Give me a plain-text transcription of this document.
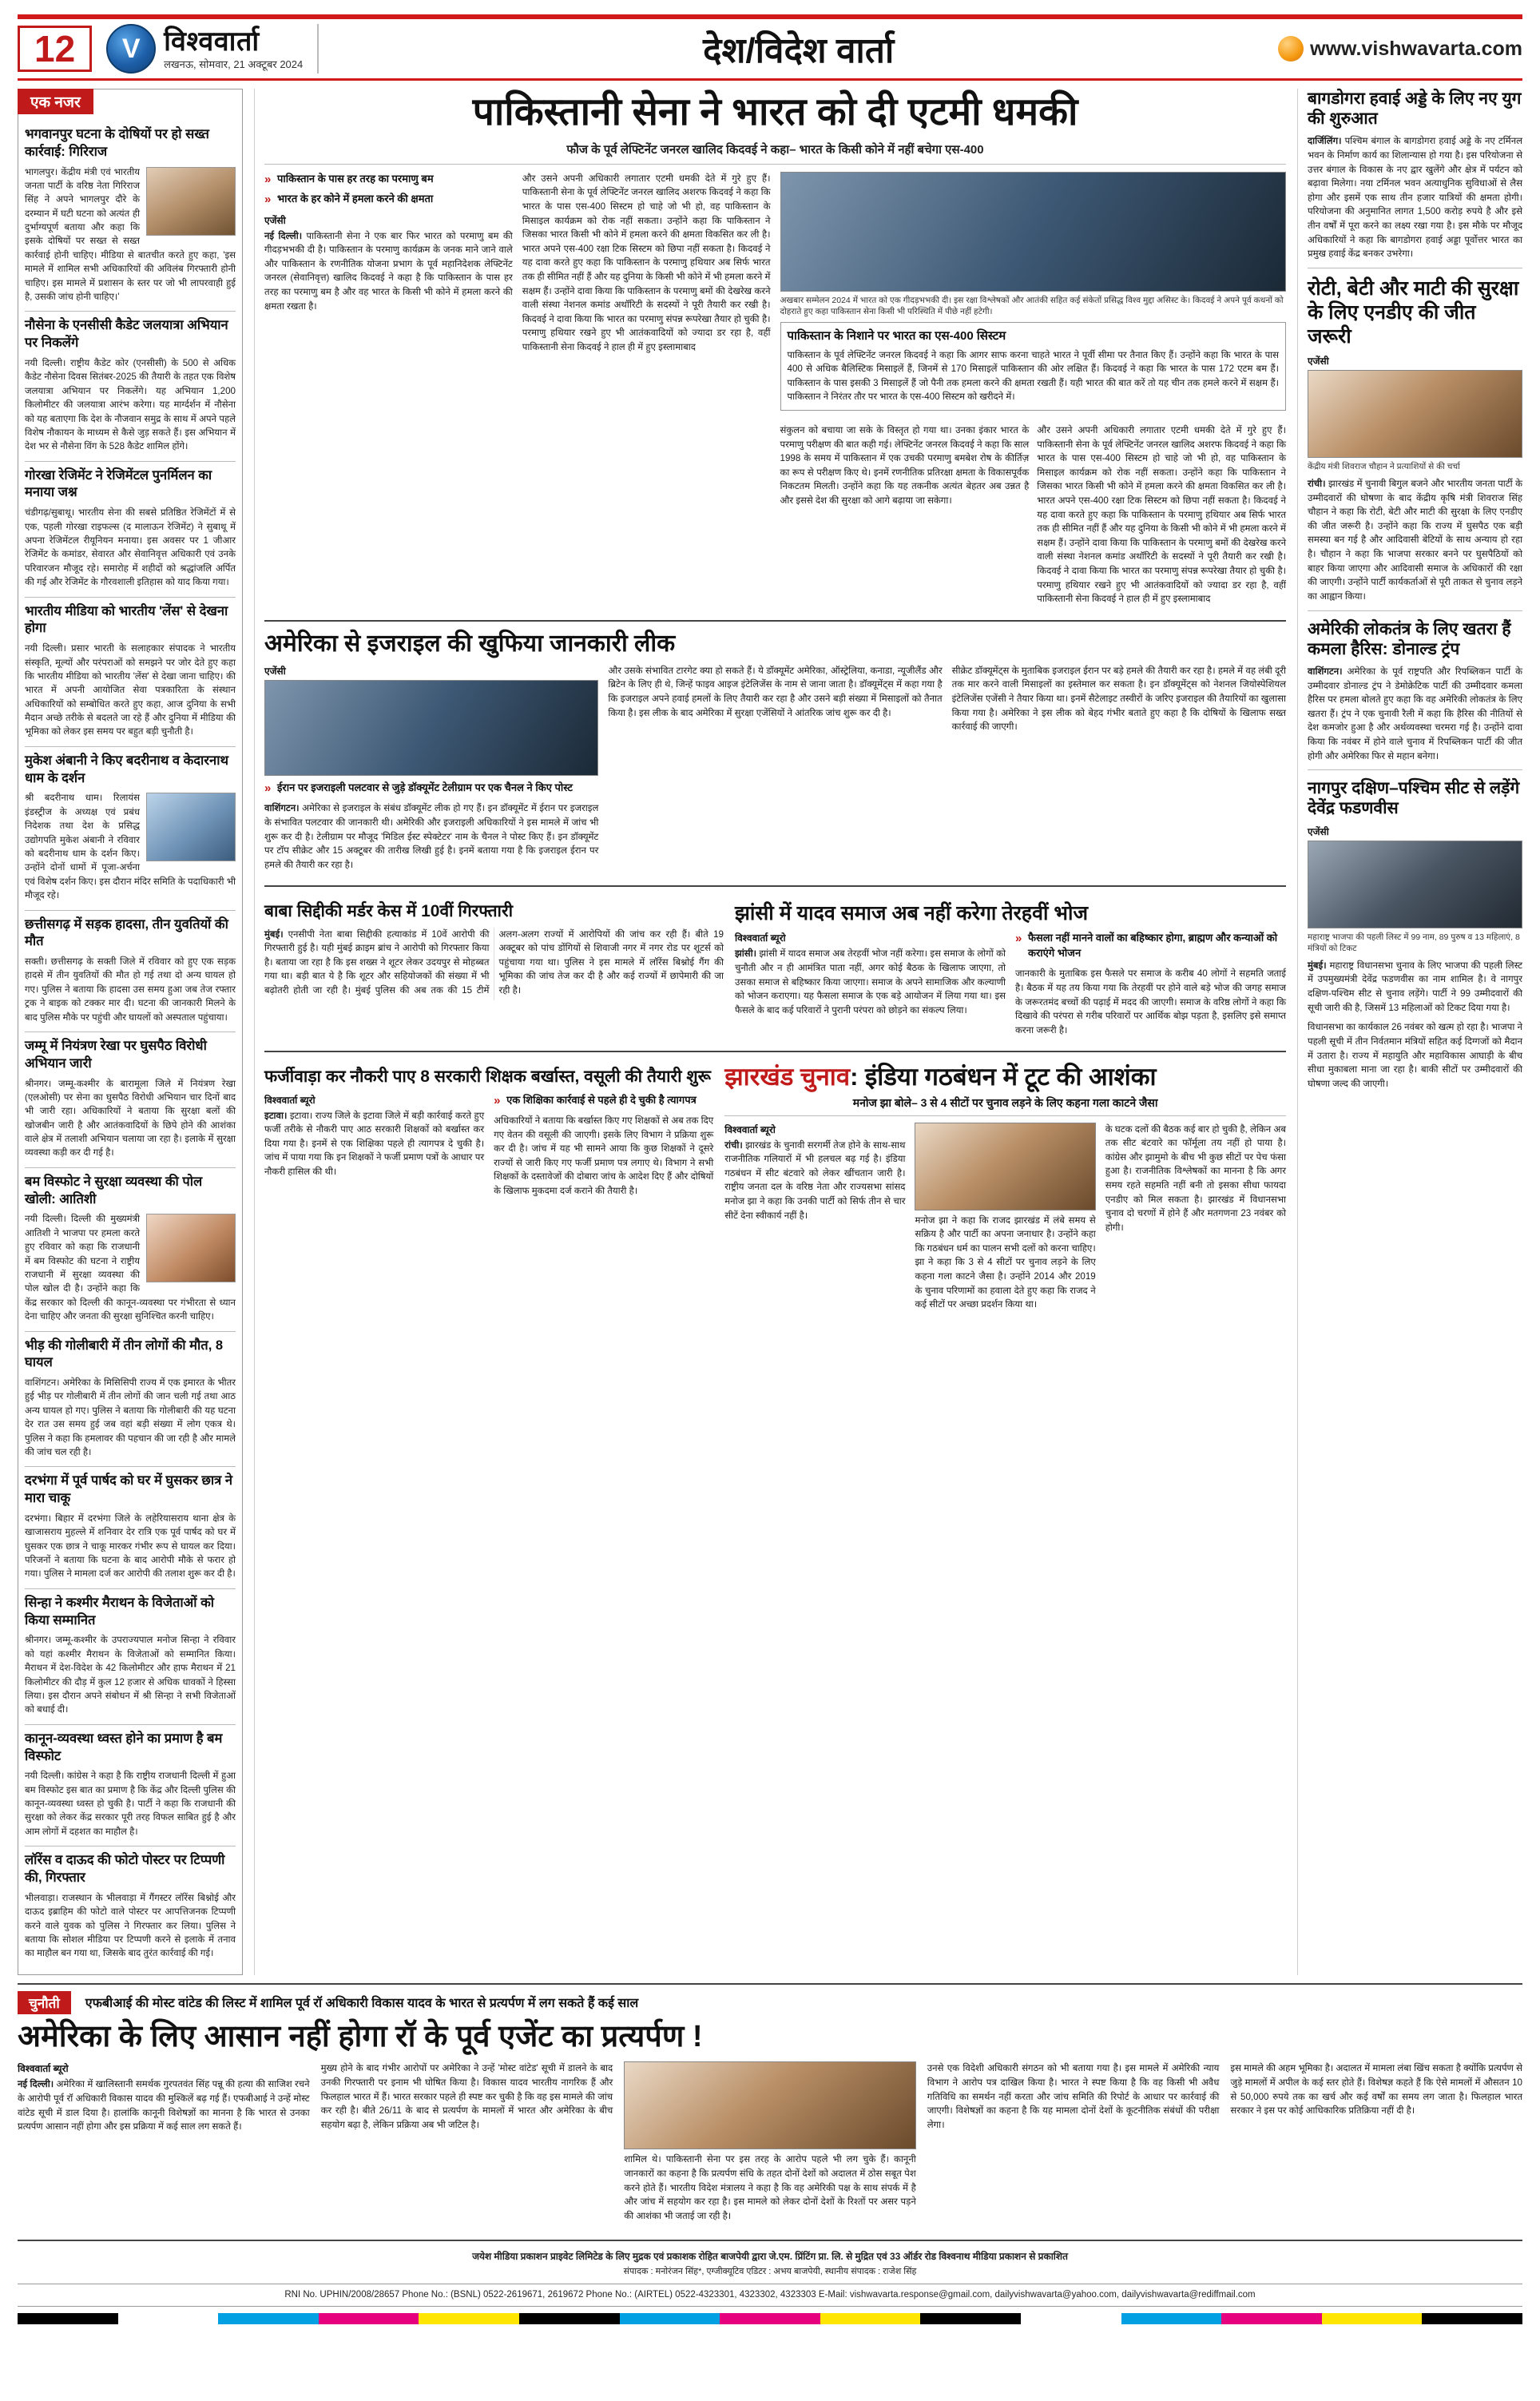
12	V विश्ववार्ता
लखनऊ, सोमवार, 21 अक्टूबर 2024	देश/विदेश वार्ता	www.vishwavarta.com
एक नजर
भगवानपुर घटना के दोषियों पर हो सख्त कार्रवाई: गिरिराज

भागलपुर। केंद्रीय मंत्री एवं भारतीय जनता पार्टी के वरिष्ठ नेता गिरिराज सिंह ने अपने भागलपुर दौरे के दरम्यान में घटी घटना को अत्यंत ही दुर्भाग्यपूर्ण बताया और कहा कि इसके दोषियों पर सख्त से सख्त कार्रवाई होनी चाहिए। मीडिया से बातचीत करते हुए कहा, 'इस मामले में शामिल सभी अधिकारियों की अविलंब गिरफ्तारी होनी चाहिए। इस मामले में प्रशासन के स्तर पर जो भी लापरवाही हुई है, उसकी जांच होनी चाहिए।'

नौसेना के एनसीसी कैडेट जलयात्रा अभियान पर निकलेंगे

नयी दिल्ली। राष्ट्रीय कैडेट कोर (एनसीसी) के 500 से अधिक कैडेट नौसेना दिवस सितंबर-2025 की तैयारी के तहत एक विशेष जलयात्रा अभियान पर निकलेंगे। यह अभियान 1,200 किलोमीटर की जलयात्रा आरंभ करेगा। यह मार्ग्दर्शन में नौसेना को यह बताएगा कि देश के नौजवान समुद्र के साथ में अपने पहले विशेष नौकायन के माध्यम से कैसे जुड़ सकते हैं। इस अभियान में देश भर से नौसेना विंग के 528 कैडेट शामिल होंगे।

गोरखा रेजिमेंट ने रेजिमेंटल पुनर्मिलन का मनाया जश्न

चंडीगढ़/सुबाथू। भारतीय सेना की सबसे प्रतिष्ठित रेजिमेंटों में से एक, पहली गोरखा राइफल्स (द मालाऊन रेजिमेंट) ने सुबाथू में अपना रेजिमेंटल रीयूनियन मनाया। इस अवसर पर 1 जीआर रेजिमेंट के कमांडर, सेवारत और सेवानिवृत्त अधिकारी एवं उनके परिवारजन मौजूद रहे। समारोह में शहीदों को श्रद्धांजलि अर्पित की गई और रेजिमेंट के गौरवशाली इतिहास को याद किया गया।

भारतीय मीडिया को भारतीय 'लेंस' से देखना होगा

नयी दिल्ली। प्रसार भारती के सलाहकार संपादक ने भारतीय संस्कृति, मूल्यों और परंपराओं को समझने पर जोर देते हुए कहा कि भारतीय मीडिया को भारतीय 'लेंस' से देखा जाना चाहिए। की भारत में अपनी आयोजित सेवा पत्रकारिता के संस्थान अधिकारियों को सम्बोधित करते हुए कहा, आज दुनिया के सभी मैदान अच्छे तरीके से बदलते जा रहे हैं और दुनिया में मीडिया की भूमिका को लेकर इस समय पर बहुत बड़ी चुनौती है।

मुकेश अंबानी ने किए बदरीनाथ व केदारनाथ धाम के दर्शन

श्री बदरीनाथ धाम। रिलायंस इंडस्ट्रीज के अध्यक्ष एवं प्रबंध निदेशक तथा देश के प्रसिद्ध उद्योगपति मुकेश अंबानी ने रविवार को बदरीनाथ धाम के दर्शन किए। उन्होंने दोनों धामों में पूजा-अर्चना एवं विशेष दर्शन किए। इस दौरान मंदिर समिति के पदाधिकारी भी मौजूद रहे।

छत्तीसगढ़ में सड़क हादसा, तीन युवतियों की मौत

सक्ती। छत्तीसगढ़ के सक्ती जिले में रविवार को हुए एक सड़क हादसे में तीन युवतियों की मौत हो गई तथा दो अन्य घायल हो गए। पुलिस ने बताया कि हादसा उस समय हुआ जब तेज रफ्तार ट्रक ने बाइक को टक्कर मार दी। घटना की जानकारी मिलने के बाद पुलिस मौके पर पहुंची और घायलों को अस्पताल पहुंचाया।

जम्मू में नियंत्रण रेखा पर घुसपैठ विरोधी अभियान जारी

श्रीनगर। जम्मू-कश्मीर के बारामूला जिले में नियंत्रण रेखा (एलओसी) पर सेना का घुसपैठ विरोधी अभियान चार दिनों बाद भी जारी रहा। अधिकारियों ने बताया कि सुरक्षा बलों की खोजबीन जारी है और आतंकवादियों के छिपे होने की आशंका वाले क्षेत्र में तलाशी अभियान चलाया जा रहा है। इलाके में सुरक्षा व्यवस्था कड़ी कर दी गई है।

बम विस्फोट ने सुरक्षा व्यवस्था की पोल खोली: आतिशी

नयी दिल्ली। दिल्ली की मुख्यमंत्री आतिशी ने भाजपा पर हमला करते हुए रविवार को कहा कि राजधानी में बम विस्फोट की घटना ने राष्ट्रीय राजधानी में सुरक्षा व्यवस्था की पोल खोल दी है। उन्होंने कहा कि केंद्र सरकार को दिल्ली की कानून-व्यवस्था पर गंभीरता से ध्यान देना चाहिए और जनता की सुरक्षा सुनिश्चित करनी चाहिए।

भीड़ की गोलीबारी में तीन लोगों की मौत, 8 घायल

वाशिंगटन। अमेरिका के मिसिसिपी राज्य में एक इमारत के भीतर हुई भीड़ पर गोलीबारी में तीन लोगों की जान चली गई तथा आठ अन्य घायल हो गए। पुलिस ने बताया कि गोलीबारी की यह घटना देर रात उस समय हुई जब वहां बड़ी संख्या में लोग एकत्र थे। पुलिस ने कहा कि हमलावर की पहचान की जा रही है और मामले की जांच चल रही है।

दरभंगा में पूर्व पार्षद को घर में घुसकर छात्र ने मारा चाकू

दरभंगा। बिहार में दरभंगा जिले के लहेरियासराय थाना क्षेत्र के खाजासराय मुहल्ले में शनिवार देर रात्रि एक पूर्व पार्षद को घर में घुसकर एक छात्र ने चाकू मारकर गंभीर रूप से घायल कर दिया। परिजनों ने बताया कि घटना के बाद आरोपी मौके से फरार हो गया। पुलिस ने मामला दर्ज कर आरोपी की तलाश शुरू कर दी है।

सिन्हा ने कश्मीर मैराथन के विजेताओं को किया सम्मानित

श्रीनगर। जम्मू-कश्मीर के उपराज्यपाल मनोज सिन्हा ने रविवार को यहां कश्मीर मैराथन के विजेताओं को सम्मानित किया। मैराथन में देश-विदेश के 42 किलोमीटर और हाफ मैराथन में 21 किलोमीटर की दौड़ में कुल 12 हजार से अधिक धावकों ने हिस्सा लिया। इस दौरान अपने संबोधन में श्री सिन्हा ने सभी विजेताओं को बधाई दी।

कानून-व्यवस्था ध्वस्त होने का प्रमाण है बम विस्फोट

नयी दिल्ली। कांग्रेस ने कहा है कि राष्ट्रीय राजधानी दिल्ली में हुआ बम विस्फोट इस बात का प्रमाण है कि केंद्र और दिल्ली पुलिस की कानून-व्यवस्था ध्वस्त हो चुकी है। पार्टी ने कहा कि राजधानी की सुरक्षा को लेकर केंद्र सरकार पूरी तरह विफल साबित हुई है और आम लोगों में दहशत का माहौल है।

लॉरेंस व दाऊद की फोटो पोस्टर पर टिप्पणी की, गिरफ्तार

भीलवाड़ा। राजस्थान के भीलवाड़ा में गैंगस्टर लॉरेंस बिश्नोई और दाऊद इब्राहिम की फोटो वाले पोस्टर पर आपत्तिजनक टिप्पणी करने वाले युवक को पुलिस ने गिरफ्तार कर लिया। पुलिस ने बताया कि सोशल मीडिया पर टिप्पणी करने से इलाके में तनाव का माहौल बन गया था, जिसके बाद तुरंत कार्रवाई की गई।

पाकिस्तानी सेना ने भारत को दी एटमी धमकी
फौज के पूर्व लेफ्टिनेंट जनरल खालिद किदवई ने कहा– भारत के किसी कोने में नहीं बचेगा एस-400
» पाकिस्तान के पास हर तरह का परमाणु बम
» भारत के हर कोने में हमला करने की क्षमता
एजेंसी

नई दिल्ली। पाकिस्तानी सेना ने एक बार फिर भारत को परमाणु बम की गीदड़भभकी दी है। पाकिस्तान के परमाणु कार्यक्रम के जनक माने जाने वाले और पाकिस्तान के रणनीतिक योजना प्रभाग के पूर्व महानिदेशक लेफ्टिनेंट जनरल (सेवानिवृत्त) खालिद किदवई ने कहा है कि पाकिस्तान के पास हर तरह का परमाणु बम है और वह भारत के किसी भी कोने में हमला करने की क्षमता रखता है।

और उसने अपनी अधिकारी लगातार एटमी धमकी देते में गुरे हुए हैं। पाकिस्तानी सेना के पूर्व लेफ्टिनेंट जनरल खालिद अशरफ किदवई ने कहा कि भारत के पास एस-400 सिस्टम हो चाहे जो भी हो, वह पाकिस्तान के मिसाइल कार्यक्रम को रोक नहीं सकता। उन्होंने कहा कि पाकिस्तान ने जिसका भारत किसी भी कोने में हमला करने की क्षमता विकसित कर ली है। भारत अपने एस-400 रक्षा टिक सिस्टम को छिपा नहीं सकता है। किदवई ने यह दावा करते हुए कहा कि पाकिस्तान के परमाणु हथियार अब सिर्फ भारत तक ही सीमित नहीं हैं और यह दुनिया के किसी भी कोने में भी हमला करने में सक्षम हैं। उन्होंने दावा किया कि पाकिस्तान के परमाणु बमों की देखरेख करने वाली संस्था नेशनल कमांड अथॉरिटी के सदस्यों ने पूरी तैयारी कर रखी है। किदवई ने दावा किया कि भारत का परमाणु संपन्न रूपरेखा तैयार हो चुकी है। परमाणु हथियार रखने हुए भी आतंकवादियों को ज्यादा डर रहा है, वहीं पाकिस्तानी सेना किदवई ने हाल ही में हुए इस्लामाबाद

अखबार सम्मेलन 2024 में भारत को एक गीदड़भभकी दी। इस रक्षा विश्लेषकों और आतंकी सहित कई संकेतों प्रसिद्ध विश्व मुद्दा असिस्ट के। किदवई ने अपने पूर्व कथनों को दोहराते हुए कहा पाकिस्तान सेना किसी भी परिस्थिति में पीछे नहीं हटेगी।

पाकिस्तान के निशाने पर भारत का एस-400 सिस्टम

पाकिस्तान के पूर्व लेफ्टिनेंट जनरल किदवई ने कहा कि आगर साफ करना चाहते भारत ने पूर्वी सीमा पर तैनात किए हैं। उन्होंने कहा कि भारत के पास 400 से अधिक बैलिस्टिक मिसाइलें हैं, जिनमें से 170 मिसाइलें पाकिस्तान की ओर लक्षित हैं। किदवई ने कहा कि भारत के पास 172 एटम बम हैं। पाकिस्तान के पास इसकी 3 मिसाइलें हैं जो पैनी तक हमला करने की क्षमता रखती हैं। यही भारत की बात करें तो यह चीन तक हमले करने में सक्षम हैं। पाकिस्तान ने निरंतर तौर पर भारत के एस-400 सिस्टम को खरीदने में।

संकुलन को बचाया जा सके के विस्तृत हो गया था। उनका इंकार भारत के परमाणु परीक्षण की बात कही गई। लेफ्टिनेंट जनरल किदवई ने कहा कि साल 1998 के समय में पाकिस्तान में एक उचकी परमाणु बमबेश रोष के कीर्तिज़ का रूप से परीक्षण किए थे। इनमें रणनीतिक प्रतिरक्षा क्षमता के विकासपूर्वक निकटतम मिलती। उन्होंने कहा कि यह तकनीक अत्यंत बेहतर अब उन्नत है और इससे देश की सुरक्षा को आगे बढ़ाया जा सकेगा।

और उसने अपनी अधिकारी लगातार एटमी धमकी देते में गुरे हुए हैं। पाकिस्तानी सेना के पूर्व लेफ्टिनेंट जनरल खालिद अशरफ किदवई ने कहा कि भारत के पास एस-400 सिस्टम हो चाहे जो भी हो, वह पाकिस्तान के मिसाइल कार्यक्रम को रोक नहीं सकता। उन्होंने कहा कि पाकिस्तान ने जिसका भारत किसी भी कोने में हमला करने की क्षमता विकसित कर ली है। भारत अपने एस-400 रक्षा टिक सिस्टम को छिपा नहीं सकता है। किदवई ने यह दावा करते हुए कहा कि पाकिस्तान के परमाणु हथियार अब सिर्फ भारत तक ही सीमित नहीं हैं और यह दुनिया के किसी भी कोने में भी हमला करने में सक्षम हैं। उन्होंने दावा किया कि पाकिस्तान के परमाणु बमों की देखरेख करने वाली संस्था नेशनल कमांड अथॉरिटी के सदस्यों ने पूरी तैयारी कर रखी है। किदवई ने दावा किया कि भारत का परमाणु संपन्न रूपरेखा तैयार हो चुकी है। परमाणु हथियार रखने हुए भी आतंकवादियों को ज्यादा डर रहा है, वहीं पाकिस्तानी सेना किदवई ने हाल ही में हुए इस्लामाबाद

अमेरिका से इजराइल की खुफिया जानकारी लीक
एजेंसी
» ईरान पर इजराइली पलटवार से जुड़े डॉक्यूमेंट टेलीग्राम पर एक चैनल ने किए पोस्ट

वाशिंगटन। अमेरिका से इजराइल के संबंध डॉक्यूमेंट लीक हो गए हैं। इन डॉक्यूमेंट में ईरान पर इजराइल के संभावित पलटवार की जानकारी थी। अमेरिकी और इजराइली अधिकारियों ने इस मामले में जांच भी शुरू कर दी है। टेलीग्राम पर मौजूद 'मिडिल ईस्ट स्पेक्टेटर' नाम के चैनल ने पोस्ट किए हैं। इन डॉक्यूमेंट पर टॉप सीक्रेट और 15 अक्टूबर की तारीख लिखी हुई है। इनमें बताया गया है कि इजराइल ईरान पर हमले की तैयारी कर रहा है।

और उसके संभावित टारगेट क्या हो सकते हैं। ये डॉक्यूमेंट अमेरिका, ऑस्ट्रेलिया, कनाडा, न्यूजीलैंड और ब्रिटेन के लिए ही थे, जिन्हें फाइव आइज इंटेलिजेंस के नाम से जाना जाता है। डॉक्यूमेंट्स में कहा गया है कि इजराइल अपने हवाई हमलों के लिए तैयारी कर रहा है और उसने बड़ी संख्या में मिसाइलों को तैनात किया है। इस लीक के बाद अमेरिका में सुरक्षा एजेंसियों ने आंतरिक जांच शुरू कर दी है।

सीक्रेट डॉक्यूमेंट्स के मुताबिक इजराइल ईरान पर बड़े हमले की तैयारी कर रहा है। हमले में वह लंबी दूरी तक मार करने वाली मिसाइलों का इस्तेमाल कर सकता है। इन डॉक्यूमेंट्स को नेशनल जियोस्पेशियल इंटेलिजेंस एजेंसी ने तैयार किया था। इनमें सैटेलाइट तस्वीरों के जरिए इजराइल की तैयारियों का खुलासा किया गया है। अमेरिका ने इस लीक को बेहद गंभीर बताते हुए कहा है कि दोषियों के खिलाफ सख्त कार्रवाई की जाएगी।

बाबा सिद्दीकी मर्डर केस में 10वीं गिरफ्तारी

मुंबई। एनसीपी नेता बाबा सिद्दीकी हत्याकांड में 10वें आरोपी की गिरफ्तारी हुई है। यही मुंबई क्राइम ब्रांच ने आरोपी को गिरफ्तार किया है। बताया जा रहा है कि इस शख्स ने शूटर लेकर उदयपुर से मोहब्बत गया था। बड़ी बात ये है कि शूटर और सहियोजकों की संख्या में भी बढ़ोतरी होती जा रही है। मुंबई पुलिस की अब तक की 15 टीमें अलग-अलग राज्यों में आरोपियों की जांच कर रही हैं। बीते 19 अक्टूबर को पांच डोंगियों से शिवाजी नगर में नगर रोड पर शूटर्स को पहुंचाया गया था। पुलिस ने इस मामले में लॉरेंस बिश्नोई गैंग की भूमिका की जांच तेज कर दी है और कई राज्यों में छापेमारी की जा रही है।

झांसी में यादव समाज अब नहीं करेगा तेरहवीं भोज
विश्ववार्ता ब्यूरो

झांसी। झांसी में यादव समाज अब तेरहवीं भोज नहीं करेगा। इस समाज के लोगों को चुनौती और न ही आमंत्रित पाता नहीं, अगर कोई बैठक के खिलाफ जाएगा, तो उसका समाज से बहिष्कार किया जाएगा। समाज के अपने सामाजिक और कल्याणी को भोजन कराएगा। यह फैसला समाज के एक बड़े आयोजन में लिया गया था। इस फैसले के बाद कई परिवारों ने पुरानी परंपरा को छोड़ने का संकल्प लिया।

» फैसला नहीं मानने वालों का बहिष्कार होगा, ब्राह्मण और कन्याओं को कराएंगे भोजन

जानकारी के मुताबिक इस फैसले पर समाज के करीब 40 लोगों ने सहमति जताई है। बैठक में यह तय किया गया कि तेरहवीं पर होने वाले बड़े भोज की जगह समाज के जरूरतमंद बच्चों की पढ़ाई में मदद की जाएगी। समाज के वरिष्ठ लोगों ने कहा कि दिखावे की परंपरा से गरीब परिवारों पर आर्थिक बोझ पड़ता है, इसलिए इसे समाप्त करना जरूरी है।

फर्जीवाड़ा कर नौकरी पाए 8 सरकारी शिक्षक बर्खास्त, वसूली की तैयारी शुरू
विश्ववार्ता ब्यूरो

इटावा। इटावा। राज्य जिले के इटावा जिले में बड़ी कार्रवाई करते हुए फर्जी तरीके से नौकरी पाए आठ सरकारी शिक्षकों को बर्खास्त कर दिया गया है। इनमें से एक शिक्षिका पहले ही त्यागपत्र दे चुकी है। जांच में पाया गया कि इन शिक्षकों ने फर्जी प्रमाण पत्रों के आधार पर नौकरी हासिल की थी।

» एक शिक्षिका कार्रवाई से पहले ही दे चुकी है त्यागपत्र

अधिकारियों ने बताया कि बर्खास्त किए गए शिक्षकों से अब तक दिए गए वेतन की वसूली की जाएगी। इसके लिए विभाग ने प्रक्रिया शुरू कर दी है। जांच में यह भी सामने आया कि कुछ शिक्षकों ने दूसरे राज्यों से जारी किए गए फर्जी प्रमाण पत्र लगाए थे। विभाग ने सभी शिक्षकों के दस्तावेजों की दोबारा जांच के आदेश दिए हैं और दोषियों के खिलाफ मुकदमा दर्ज कराने की तैयारी है।

झारखंड चुनाव: इंडिया गठबंधन में टूट की आशंका
मनोज झा बोले– 3 से 4 सीटों पर चुनाव लड़ने के लिए कहना गला काटने जैसा
विश्ववार्ता ब्यूरो

रांची। झारखंड के चुनावी सरगर्मी तेज होने के साथ-साथ राजनीतिक गलियारों में भी हलचल बढ़ गई है। इंडिया गठबंधन में सीट बंटवारे को लेकर खींचतान जारी है। राष्ट्रीय जनता दल के वरिष्ठ नेता और राज्यसभा सांसद मनोज झा ने कहा कि उनकी पार्टी को सिर्फ तीन से चार सीटें देना स्वीकार्य नहीं है।	मनोज झा ने कहा कि राजद झारखंड में लंबे समय से सक्रिय है और पार्टी का अपना जनाधार है। उन्होंने कहा कि गठबंधन धर्म का पालन सभी दलों को करना चाहिए। झा ने कहा कि 3 से 4 सीटों पर चुनाव लड़ने के लिए कहना गला काटने जैसा है। उन्होंने 2014 और 2019 के चुनाव परिणामों का हवाला देते हुए कहा कि राजद ने कई सीटों पर अच्छा प्रदर्शन किया था।

के घटक दलों की बैठक कई बार हो चुकी है, लेकिन अब तक सीट बंटवारे का फॉर्मूला तय नहीं हो पाया है। कांग्रेस और झामुमो के बीच भी कुछ सीटों पर पेच फंसा हुआ है। राजनीतिक विश्लेषकों का मानना है कि अगर समय रहते सहमति नहीं बनी तो इसका सीधा फायदा एनडीए को मिल सकता है। झारखंड में विधानसभा चुनाव दो चरणों में होने हैं और मतगणना 23 नवंबर को होगी।

बागडोगरा हवाई अड्डे के लिए नए युग की शुरुआत

दार्जिलिंग। पश्चिम बंगाल के बागडोगरा हवाई अड्डे के नए टर्मिनल भवन के निर्माण कार्य का शिलान्यास हो गया है। इस परियोजना से उत्तर बंगाल के विकास के नए द्वार खुलेंगे और क्षेत्र में पर्यटन को बढ़ावा मिलेगा। नया टर्मिनल भवन अत्याधुनिक सुविधाओं से लैस होगा और इसमें एक साथ तीन हजार यात्रियों की क्षमता होगी। परियोजना की अनुमानित लागत 1,500 करोड़ रुपये है और इसे तीन वर्षों में पूरा करने का लक्ष्य रखा गया है। इस मौके पर मौजूद अधिकारियों ने कहा कि बागडोगरा हवाई अड्डा पूर्वोत्तर भारत का प्रमुख हवाई केंद्र बनकर उभरेगा।

रोटी, बेटी और माटी की सुरक्षा के लिए एनडीए की जीत जरूरी
एजेंसी

केंद्रीय मंत्री शिवराज चौहान ने प्रत्याशियों से की चर्चा

रांची। झारखंड में चुनावी बिगुल बजने और भारतीय जनता पार्टी के उम्मीदवारों की घोषणा के बाद केंद्रीय कृषि मंत्री शिवराज सिंह चौहान ने कहा कि रोटी, बेटी और माटी की सुरक्षा के लिए एनडीए की जीत जरूरी है। उन्होंने कहा कि राज्य में घुसपैठ एक बड़ी समस्या बन गई है और आदिवासी बेटियों के साथ अन्याय हो रहा है। चौहान ने कहा कि भाजपा सरकार बनने पर घुसपैठियों को बाहर किया जाएगा और आदिवासी समाज के अधिकारों की रक्षा की जाएगी। उन्होंने पार्टी कार्यकर्ताओं से पूरी ताकत से चुनाव लड़ने का आह्वान किया।

अमेरिकी लोकतंत्र के लिए खतरा हैं कमला हैरिस: डोनाल्ड ट्रंप

वाशिंगटन। अमेरिका के पूर्व राष्ट्रपति और रिपब्लिकन पार्टी के उम्मीदवार डोनाल्ड ट्रंप ने डेमोक्रेटिक पार्टी की उम्मीदवार कमला हैरिस पर हमला बोलते हुए कहा कि वह अमेरिकी लोकतंत्र के लिए खतरा हैं। ट्रंप ने एक चुनावी रैली में कहा कि हैरिस की नीतियों से देश कमजोर हुआ है और अर्थव्यवस्था चरमरा गई है। उन्होंने दावा किया कि नवंबर में होने वाले चुनाव में रिपब्लिकन पार्टी की जीत होगी और अमेरिका फिर से महान बनेगा।

नागपुर दक्षिण–पश्चिम सीट से लड़ेंगे देवेंद्र फडणवीस
एजेंसी

महाराष्ट्र भाजपा की पहली लिस्ट में 99 नाम, 89 पुरुष व 13 महिलाएं, 8 मंत्रियों को टिकट

मुंबई। महाराष्ट्र विधानसभा चुनाव के लिए भाजपा की पहली लिस्ट में उपमुख्यमंत्री देवेंद्र फडणवीस का नाम शामिल है। वे नागपुर दक्षिण-पश्चिम सीट से चुनाव लड़ेंगे। पार्टी ने 99 उम्मीदवारों की सूची जारी की है, जिसमें 13 महिलाओं को टिकट दिया गया है।

विधानसभा का कार्यकाल 26 नवंबर को खत्म हो रहा है। भाजपा ने पहली सूची में तीन निर्वतमान मंत्रियों सहित कई दिग्गजों को मैदान में उतारा है। राज्य में महायुति और महाविकास आघाड़ी के बीच सीधा मुकाबला माना जा रहा है। बाकी सीटों पर उम्मीदवारों की घोषणा जल्द की जाएगी।

चुनौती	एफबीआई की मोस्ट वांटेड की लिस्ट में शामिल पूर्व रॉ अधिकारी विकास यादव के भारत से प्रत्यर्पण में लग सकते हैं कई साल
अमेरिका के लिए आसान नहीं होगा रॉ के पूर्व एजेंट का प्रत्यर्पण !
विश्ववार्ता ब्यूरो

नई दिल्ली। अमेरिका में खालिस्तानी समर्थक गुरपतवंत सिंह पन्नू की हत्या की साजिश रचने के आरोपी पूर्व रॉ अधिकारी विकास यादव की मुश्किलें बढ़ गई हैं। एफबीआई ने उन्हें मोस्ट वांटेड सूची में डाल दिया है। हालांकि कानूनी विशेषज्ञों का मानना है कि भारत से उनका प्रत्यर्पण आसान नहीं होगा और इस प्रक्रिया में कई साल लग सकते हैं।

मुख्य होने के बाद गंभीर आरोपों पर अमेरिका ने उन्हें 'मोस्ट वांटेड' सूची में डालने के बाद उनकी गिरफ्तारी पर इनाम भी घोषित किया है। विकास यादव भारतीय नागरिक हैं और फिलहाल भारत में हैं। भारत सरकार पहले ही स्पष्ट कर चुकी है कि वह इस मामले की जांच कर रही है। बीते 26/11 के बाद से प्रत्यर्पण के मामलों में भारत और अमेरिका के बीच सहयोग बढ़ा है, लेकिन प्रक्रिया अब भी जटिल है।

शामिल थे। पाकिस्तानी सेना पर इस तरह के आरोप पहले भी लग चुके हैं। कानूनी जानकारों का कहना है कि प्रत्यर्पण संधि के तहत दोनों देशों को अदालत में ठोस सबूत पेश करने होते हैं। भारतीय विदेश मंत्रालय ने कहा है कि वह अमेरिकी पक्ष के साथ संपर्क में है और जांच में सहयोग कर रहा है। इस मामले को लेकर दोनों देशों के रिश्तों पर असर पड़ने की आशंका भी जताई जा रही है।

उनसे एक विदेशी अधिकारी संगठन को भी बताया गया है। इस मामले में अमेरिकी न्याय विभाग ने आरोप पत्र दाखिल किया है। भारत ने स्पष्ट किया है कि वह किसी भी अवैध गतिविधि का समर्थन नहीं करता और जांच समिति की रिपोर्ट के आधार पर कार्रवाई की जाएगी। विशेषज्ञों का कहना है कि यह मामला दोनों देशों के कूटनीतिक संबंधों की परीक्षा लेगा।

इस मामले की अहम भूमिका है। अदालत में मामला लंबा खिंच सकता है क्योंकि प्रत्यर्पण से जुड़े मामलों में अपील के कई स्तर होते हैं। विशेषज्ञ कहते हैं कि ऐसे मामलों में औसतन 10 से 50,000 रुपये तक का खर्च और कई वर्षों का समय लग जाता है। फिलहाल भारत सरकार ने इस पर कोई आधिकारिक प्रतिक्रिया नहीं दी है।

जयेश मीडिया प्रकाशन प्राइवेट लिमिटेड के लिए मुद्रक एवं प्रकाशक रोहित बाजपेयी द्वारा जे.एम. प्रिंटिंग प्रा. लि. से मुद्रित एवं 33 ऑर्डर रोड विश्वनाथ मीडिया प्रकाशन से प्रकाशित

संपादक : मनोरंजन सिंह*, एग्जीक्यूटिव एडिटर : अभय बाजपेयी, स्थानीय संपादक : राजेश सिंह

RNI No. UPHIN/2008/28657 Phone No.: (BSNL) 0522-2619671, 2619672 Phone No.: (AIRTEL) 0522-4323301, 4323302, 4323303 E-Mail: vishwavarta.response@gmail.com, dailyvishwavarta@yahoo.com, dailyvishwavarta@rediffmail.com
